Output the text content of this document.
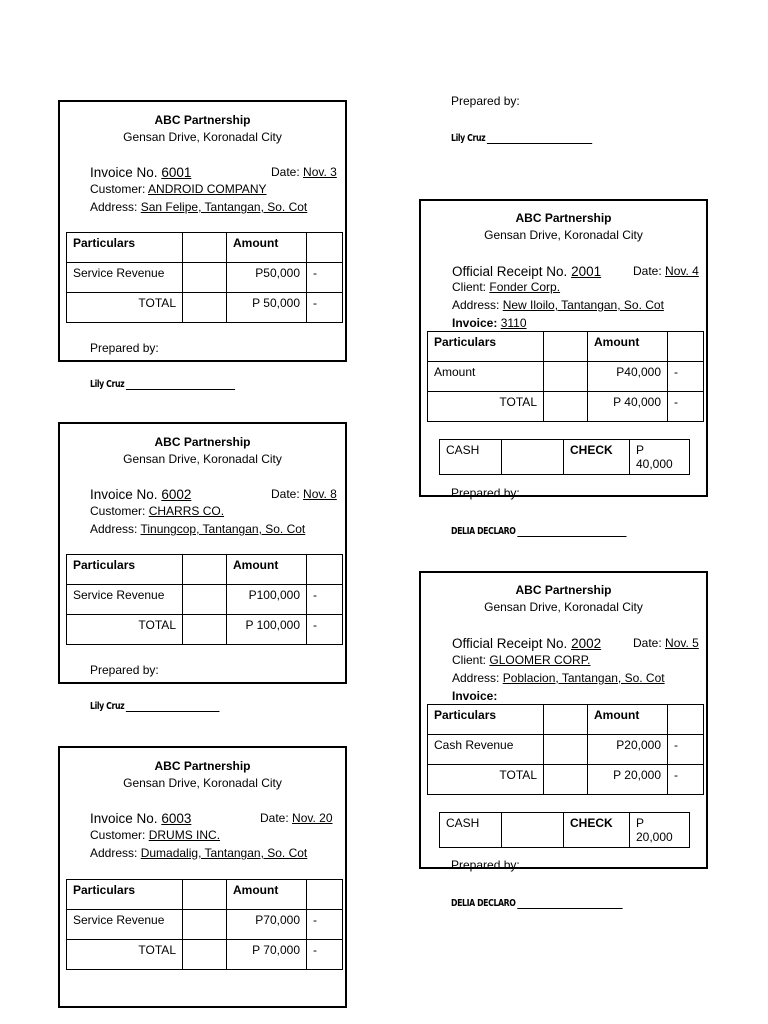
Prepared by:
Lily Cruz
ABC Partnership
Gensan Drive, Koronadal City
Invoice No. 6001	Date: Nov. 3
Customer: ANDROID COMPANY
Address: San Felipe, Tantangan, So. Cot
Particulars		Amount	
Service Revenue		P50,000	-
TOTAL		P 50,000	-
Prepared by:
Lily Cruz
ABC Partnership
Gensan Drive, Koronadal City
Invoice No. 6002	Date: Nov. 8
Customer: CHARRS CO.
Address: Tinungcop, Tantangan, So. Cot
Particulars		Amount	
Service Revenue		P100,000	-
TOTAL		P 100,000	-
Prepared by:
Lily Cruz
ABC Partnership
Gensan Drive, Koronadal City
Invoice No. 6003	Date: Nov. 20
Customer: DRUMS INC.
Address: Dumadalig, Tantangan, So. Cot
Particulars		Amount	
Service Revenue		P70,000	-
TOTAL		P 70,000	-
ABC Partnership
Gensan Drive, Koronadal City
Official Receipt No. 2001	Date: Nov. 4
Client: Fonder Corp.
Address: New Iloilo, Tantangan, So. Cot
Invoice: 3110
Particulars		Amount	
Amount		P40,000	-
TOTAL		P 40,000	-
CASH		CHECK	P 40,000
Prepared by:
DELIA DECLARO
ABC Partnership
Gensan Drive, Koronadal City
Official Receipt No. 2002	Date: Nov. 5
Client: GLOOMER CORP.
Address: Poblacion, Tantangan, So. Cot
Invoice:
Particulars		Amount	
Cash Revenue		P20,000	-
TOTAL		P 20,000	-
CASH		CHECK	P 20,000
Prepared by:
DELIA DECLARO
